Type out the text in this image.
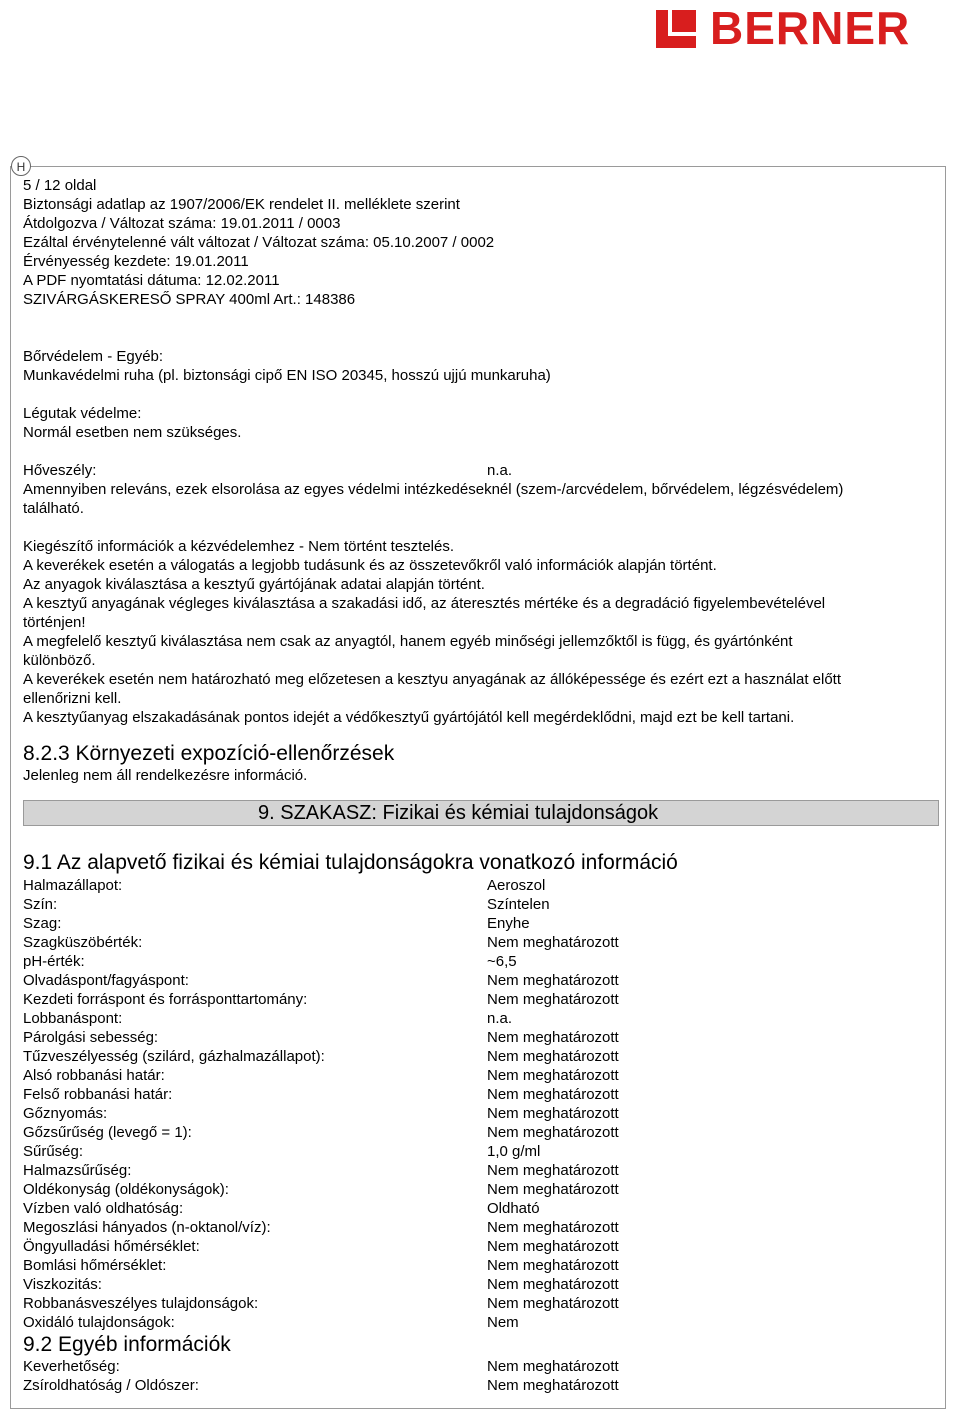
BERNER
H
5 / 12 oldal
Biztonsági adatlap az 1907/2006/EK rendelet II. melléklete szerint
Átdolgozva / Változat száma: 19.01.2011 / 0003
Ezáltal érvénytelenné vált változat / Változat száma: 05.10.2007 / 0002
Érvényesség kezdete: 19.01.2011
A PDF nyomtatási dátuma: 12.02.2011
SZIVÁRGÁSKERESŐ SPRAY 400ml Art.: 148386
Bőrvédelem - Egyéb:
Munkavédelmi ruha (pl. biztonsági cipő EN ISO 20345, hosszú ujjú munkaruha)
Légutak védelme:
Normál esetben nem szükséges.
Hőveszély:	n.a.
Amennyiben releváns, ezek elsorolása az egyes védelmi intézkedéseknél (szem-/arcvédelem, bőrvédelem, légzésvédelem)
található.
Kiegészítő információk a kézvédelemhez - Nem történt tesztelés.
A keverékek esetén a válogatás a legjobb tudásunk és az összetevőkről való információk alapján történt.
Az anyagok kiválasztása a kesztyű gyártójának adatai alapján történt.
A kesztyű anyagának végleges kiválasztása a szakadási idő, az áteresztés mértéke és a degradáció figyelembevételével
történjen!
A megfelelő kesztyű kiválasztása nem csak az anyagtól, hanem egyéb minőségi jellemzőktől is függ, és gyártónként
különböző.
A keverékek esetén nem határozható meg előzetesen a kesztyu anyagának az állóképessége és ezért ezt a használat előtt
ellenőrizni kell.
A kesztyűanyag elszakadásának pontos idejét a védőkesztyű gyártójától kell megérdeklődni, majd ezt be kell tartani.
8.2.3 Környezeti expozíció-ellenőrzések
Jelenleg nem áll rendelkezésre információ.
9. SZAKASZ: Fizikai és kémiai tulajdonságok
9.1 Az alapvető fizikai és kémiai tulajdonságokra vonatkozó információ
Halmazállapot:	Aeroszol
Szín:	Színtelen
Szag:	Enyhe
Szagküszöbérték:	Nem meghatározott
pH-érték:	~6,5
Olvadáspont/fagyáspont:	Nem meghatározott
Kezdeti forráspont és forrásponttartomány:	Nem meghatározott
Lobbanáspont:	n.a.
Párolgási sebesség:	Nem meghatározott
Tűzveszélyesség (szilárd, gázhalmazállapot):	Nem meghatározott
Alsó robbanási határ:	Nem meghatározott
Felső robbanási határ:	Nem meghatározott
Gőznyomás:	Nem meghatározott
Gőzsűrűség (levegő = 1):	Nem meghatározott
Sűrűség:	1,0 g/ml
Halmazsűrűség:	Nem meghatározott
Oldékonyság (oldékonyságok):	Nem meghatározott
Vízben való oldhatóság:	Oldható
Megoszlási hányados (n-oktanol/víz):	Nem meghatározott
Öngyulladási hőmérséklet:	Nem meghatározott
Bomlási hőmérséklet:	Nem meghatározott
Viszkozitás:	Nem meghatározott
Robbanásveszélyes tulajdonságok:	Nem meghatározott
Oxidáló tulajdonságok:	Nem
9.2 Egyéb információk
Keverhetőség:	Nem meghatározott
Zsíroldhatóság / Oldószer:	Nem meghatározott
